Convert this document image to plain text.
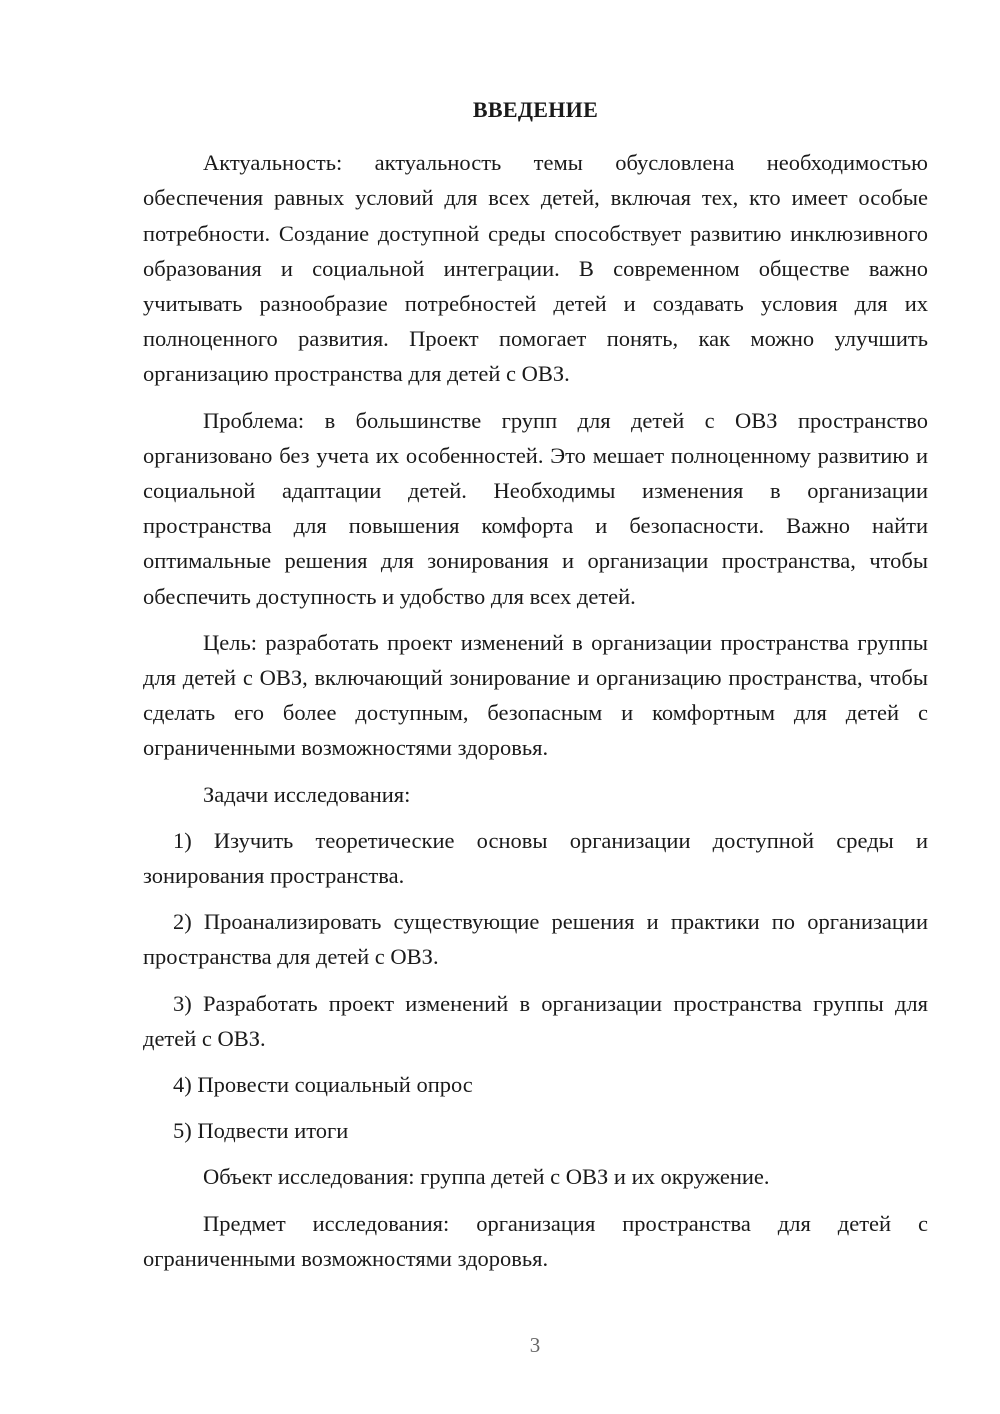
ВВЕДЕНИЕ

Актуальность: актуальность темы обусловлена необходимостью обеспечения равных условий для всех детей, включая тех, кто имеет особые потребности. Создание доступной среды способствует развитию инклюзивного образования и социальной интеграции. В современном обществе важно учитывать разнообразие потребностей детей и создавать условия для их полноценного развития. Проект помогает понять, как можно улучшить организацию пространства для детей с ОВЗ.

Проблема: в большинстве групп для детей с ОВЗ пространство организовано без учета их особенностей. Это мешает полноценному развитию и социальной адаптации детей. Необходимы изменения в организации пространства для повышения комфорта и безопасности. Важно найти оптимальные решения для зонирования и организации пространства, чтобы обеспечить доступность и удобство для всех детей.

Цель: разработать проект изменений в организации пространства группы для детей с ОВЗ, включающий зонирование и организацию пространства, чтобы сделать его более доступным, безопасным и комфортным для детей с ограниченными возможностями здоровья.

Задачи исследования:

1) Изучить теоретические основы организации доступной среды и зонирования пространства.

2) Проанализировать существующие решения и практики по организации пространства для детей с ОВЗ.

3) Разработать проект изменений в организации пространства группы для детей с ОВЗ.

4) Провести социальный опрос

5) Подвести итоги

Объект исследования: группа детей с ОВЗ и их окружение.

Предмет исследования: организация пространства для детей с ограниченными возможностями здоровья.

3
